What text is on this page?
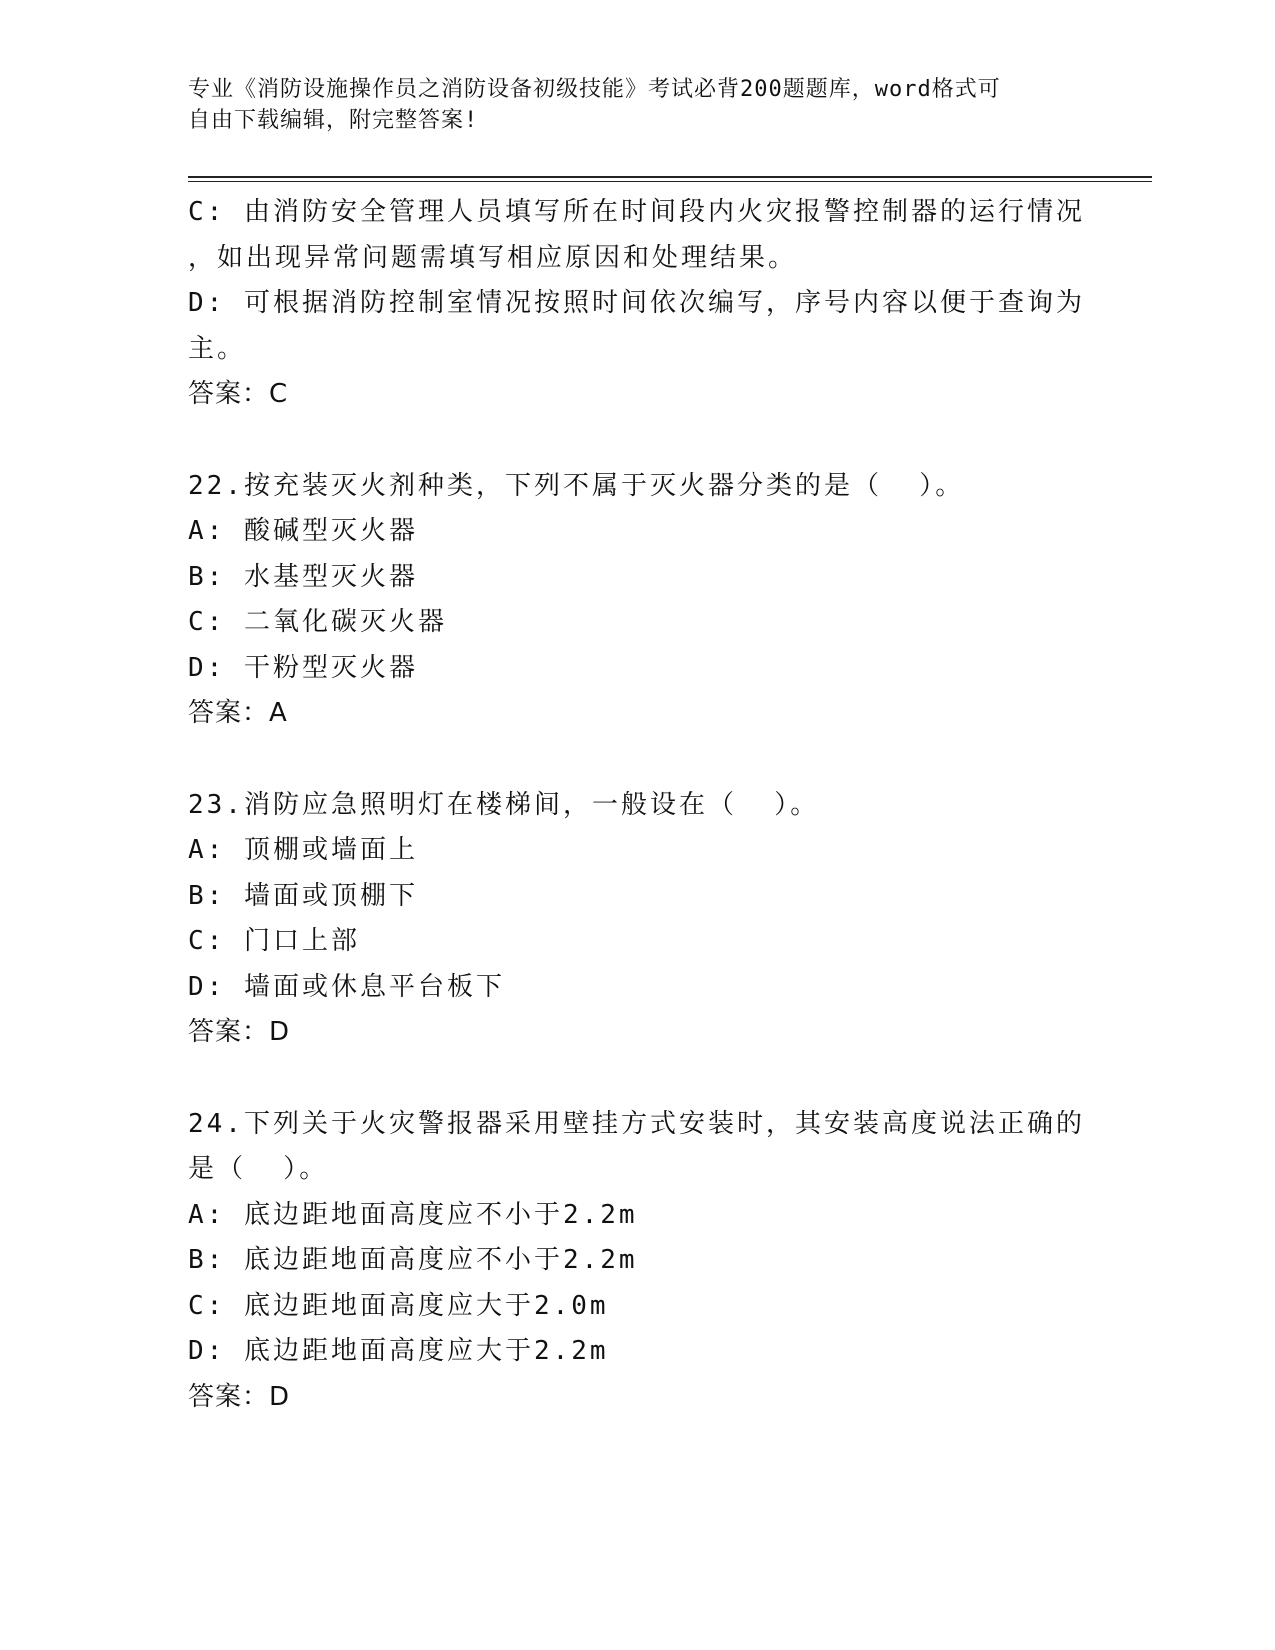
专业《消防设施操作员之消防设备初级技能》考试必背200题题库，word格式可
自由下载编辑，附完整答案!

C: 由消防安全管理人员填写所在时间段内火灾报警控制器的运行情况

，如出现异常问题需填写相应原因和处理结果。

D: 可根据消防控制室情况按照时间依次编写，序号内容以便于查询为

主。

答案：C

22.按充装灭火剂种类，下列不属于灭火器分类的是（  ）。

A: 酸碱型灭火器

B: 水基型灭火器

C: 二氧化碳灭火器

D: 干粉型灭火器

答案：A

23.消防应急照明灯在楼梯间，一般设在（  ）。

A: 顶棚或墙面上

B: 墙面或顶棚下

C: 门口上部

D: 墙面或休息平台板下

答案：D

24.下列关于火灾警报器采用壁挂方式安装时，其安装高度说法正确的

是（  ）。

A: 底边距地面高度应不小于2.2m

B: 底边距地面高度应不小于2.2m

C: 底边距地面高度应大于2.0m

D: 底边距地面高度应大于2.2m

答案：D
